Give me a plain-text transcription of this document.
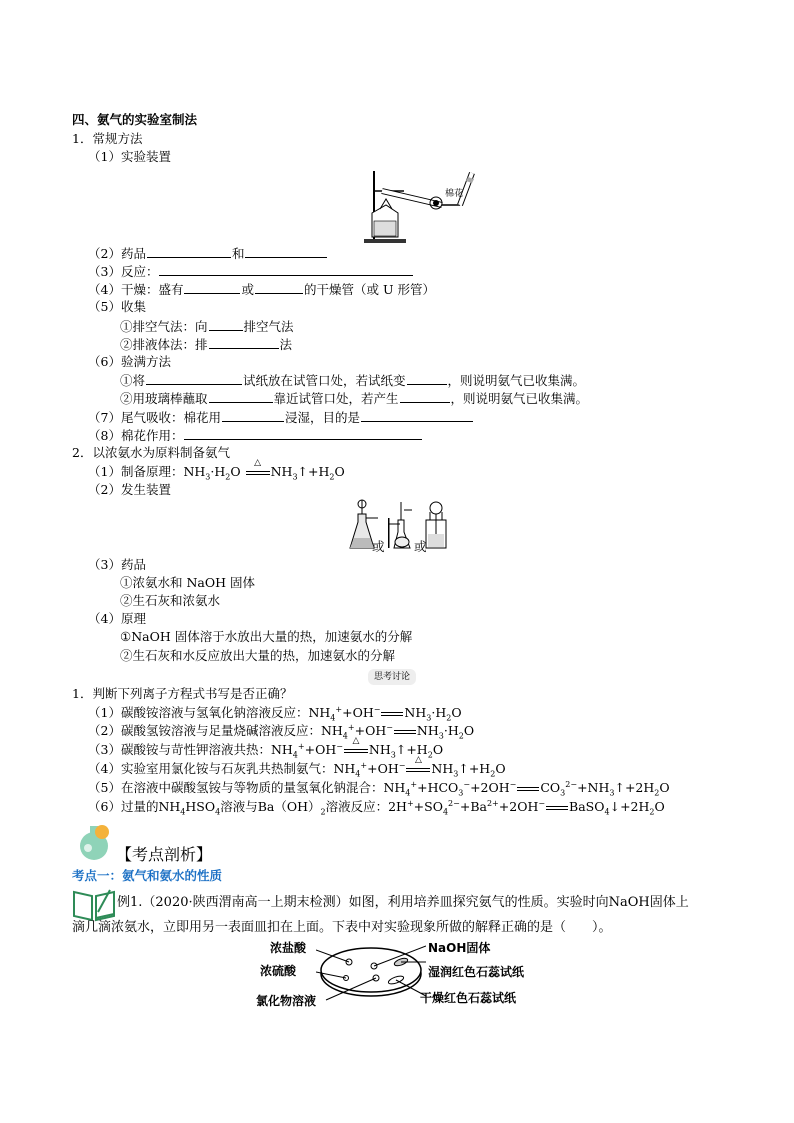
四、氨气的实验室制法
1．常规方法
（1）实验装置
棉花
（2）药品	和
（3）反应：
（4）干燥：盛有	或	的干燥管（或 U 形管）
（5）收集
①排空气法：向	排空气法
②排液体法：排	法
（6）验满方法
①将	试纸放在试管口处，若试纸变	，则说明氨气已收集满。
②用玻璃棒蘸取	靠近试管口处，若产生	，则说明氨气已收集满。
（7）尾气吸收：棉花用	浸湿，目的是
（8）棉花作用：
2．以浓氨水为原料制备氨气
（1）制备原理：$NH_3\cdot H_2O$
△
$NH_3↑+H_2O$
（2）发生装置
或 或
（3）药品
①浓氨水和 NaOH 固体
②生石灰和浓氨水
（4）原理
①NaOH 固体溶于水放出大量的热，加速氨水的分解
②生石灰和水反应放出大量的热，加速氨水的分解
思考讨论
1．判断下列离子方程式书写是否正确？
（1）碳酸铵溶液与氢氧化钠溶液反应：$NH_4^++OH^-$ $NH_3\cdot H_2O$
（2）碳酸氢铵溶液与足量烧碱溶液反应：$NH_4^++OH^-$ $NH_3\cdot H_2O$
（3）碳酸铵与苛性钾溶液共热：$NH_4^++OH^-$
△
$NH_3↑+H_2O$
（4）实验室用氯化铵与石灰乳共热制氨气：$NH_4^++OH^-$
△
$NH_3↑+H_2O$
（5）在溶液中碳酸氢铵与等物质的量氢氧化钠混合：$NH_4^++HCO_3^-+2OH^-$ $CO_3^{2-}+NH_3↑+2H_2O$
（6）过量的$NH_4HSO_4$溶液与$Ba(OH)_2$溶液反应：$2H^++SO_4^{2-}+Ba^{2+}+2OH^-$ $BaSO_4↓+2H_2O$
【考点剖析】
考点一：氨气和氨水的性质
例1.（2020·陕西渭南高一上期末检测）如图，利用培养皿探究氨气的性质。实验时向NaOH固体上
滴几滴浓氨水，立即用另一表面皿扣在上面。下表中对实验现象所做的解释正确的是（　　）。
浓盐酸
浓硫酸
氯化物溶液
NaOH固体
湿润红色石蕊试纸
干燥红色石蕊试纸
